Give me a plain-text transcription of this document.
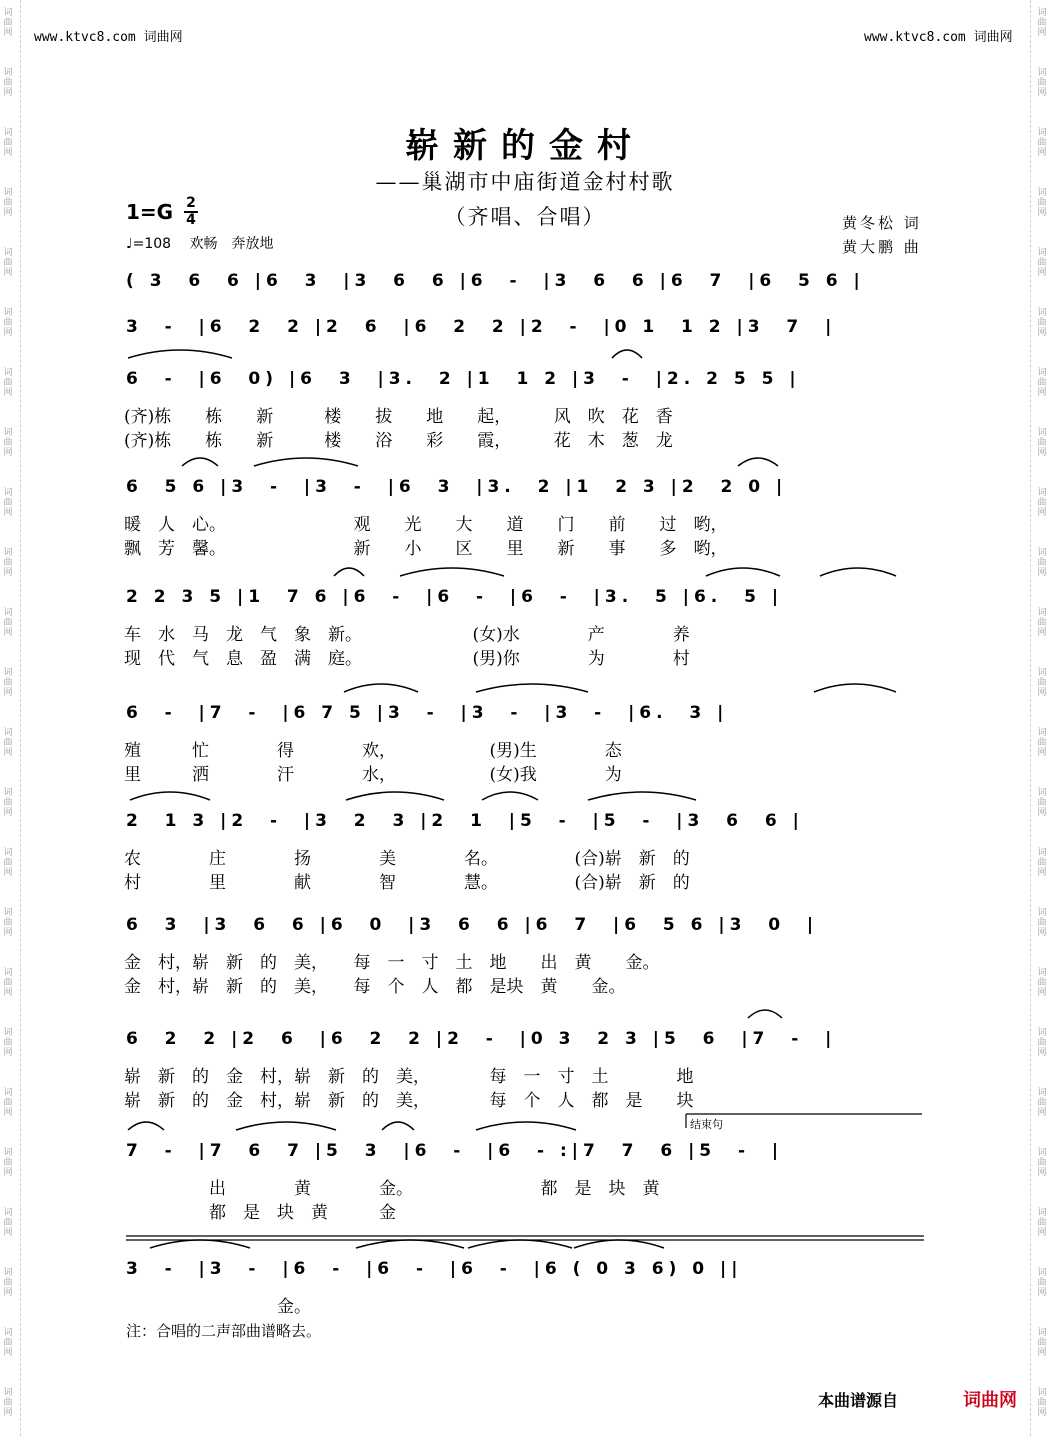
词
曲
网
词
曲
网
词
曲
网
词
曲
网
词
曲
网
词
曲
网
词
曲
网
词
曲
网
词
曲
网
词
曲
网
词
曲
网
词
曲
网
词
曲
网
词
曲
网
词
曲
网
词
曲
网
词
曲
网
词
曲
网
词
曲
网
词
曲
网
词
曲
网
词
曲
网
词
曲
网
词
曲
网
词
曲
网
词
曲
网
词
曲
网
词
曲
网
词
曲
网
词
曲
网
词
曲
网
词
曲
网
词
曲
网
词
曲
网
词
曲
网
词
曲
网
词
曲
网
词
曲
网
词
曲
网
词
曲
网
词
曲
网
词
曲
网
词
曲
网
词
曲
网
词
曲
网
词
曲
网
词
曲
网
词
曲
网
www.ktvc8.com 词曲网	www.ktvc8.com 词曲网
崭新的金村
——巢湖市中庙街道金村村歌
（齐唱、合唱）
$1=G \frac{2}{4}$
♩=108 欢畅　奔放地
黄冬松 词
黄大鹏 曲
( 3  6  6 |6  3  |3  6  6 |6  -  |3  6  6 |6  7  |6  5 6 |
3  -  |6  2  2 |2  6  |6  2  2 |2  -  |0 1  1 2 |3  7  |
6  -  |6  0) |6  3  |3.  2 |1  1 2 |3  -  |2. 2 5 5 |
(齐)栋　　栋　　新　　　楼　　拔　　地　　起，　　　风　吹　花　香
(齐)栋　　栋　　新　　　楼　　浴　　彩　　霞，　　　花　木　葱　龙
6  5 6 |3  -  |3  -  |6  3  |3.  2 |1  2 3 |2  2 0 |
暖　人　心。　　　　　　　　观　　光　　大　　道　　门　　前　　过　哟，
飘　芳　馨。　　　　　　　　新　　小　　区　　里　　新　　事　　多　哟，
2 2 3 5 |1  7 6 |6  -  |6  -  |6  -  |3.  5 |6.  5 |
车　水　马　龙　气　象　新。　　　　　　　(女)水　　　　产　　　　养
现　代　气　息　盈　满　庭。　　　　　　　(男)你　　　　为　　　　村
6  -  |7  -  |6 7 5 |3  -  |3  -  |3  -  |6.  3 |
殖　　　忙　　　　得　　　　欢，　　　　　　(男)生　　　　态
里　　　洒　　　　汗　　　　水，　　　　　　(女)我　　　　为
2  1 3 |2  -  |3  2  3 |2  1  |5  -  |5  -  |3  6  6 |
农　　　　庄　　　　扬　　　　美　　　　名。　　　　　(合)崭　新　的
村　　　　里　　　　献　　　　智　　　　慧。　　　　　(合)崭　新　的
6  3  |3  6  6 |6  0  |3  6  6 |6  7  |6  5 6 |3  0  |
金　村，崭　新　的　美，　　每　一　寸　土　地　　出　黄　　金。
金　村，崭　新　的　美，　　每　个　人　都　是块　黄　　金。
6  2  2 |2  6  |6  2  2 |2  -  |0 3  2 3 |5  6  |7  -  |
崭　新　的　金　村，崭　新　的　美，　　　　每　一　寸　土　　　　地
崭　新　的　金　村，崭　新　的　美，　　　　每　个　人　都　是　　块
7  -  |7  6  7 |5  3  |6  -  |6  - :|7  7  6 |5  -  |
　　　　　出　　　　黄　　　　金。　　　　　　　　都　是　块　黄
　　　　　都　是　块　黄　　　金
3  -  |3  -  |6  -  |6  -  |6  -  |6 ( 0 3 6) 0 ||
　　　　　　　　　金。
结束句
注：合唱的二声部曲谱略去。
本曲谱源自	词曲网
